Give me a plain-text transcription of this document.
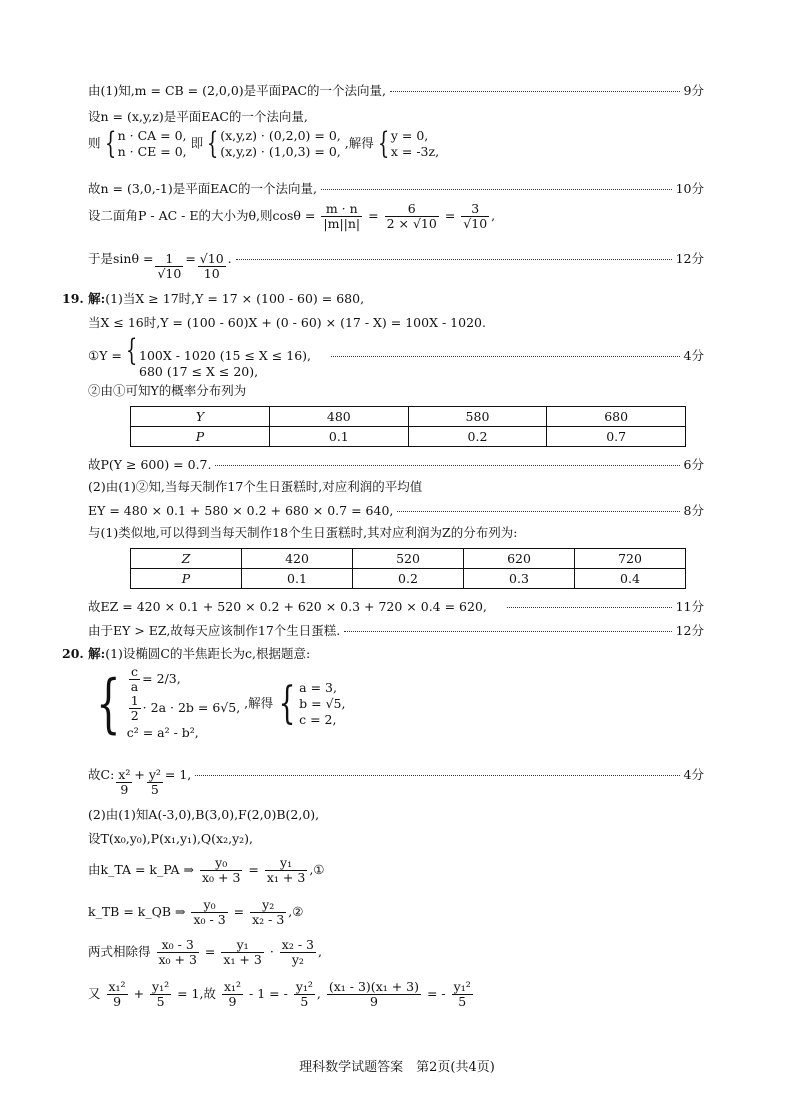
由(1)知,m = CB = (2,0,0)是平面PAC的一个法向量,	9分
设n = (x,y,z)是平面EAC的一个法向量,
则 { n · CA = 0,
n · CE = 0, 即 { (x,y,z) · (0,2,0) = 0,
(x,y,z) · (1,0,3) = 0, ,解得 { y = 0,
x = -3z,
故n = (3,0,-1)是平面EAC的一个法向量,	10分
设二面角P - AC - E的大小为θ,则$\cos\theta = \frac{m \cdot n}{|m||n|} = \frac{6}{2 \times √10} = \frac{3}{√10}$ ,
于是$\sin\theta = \frac{1}{√10} = \frac{√10}{10}$ .	12分
19. 解:(1)当X ≥ 17时,Y = 17 × (100 - 60) = 680,
当X ≤ 16时,Y = (100 - 60)X + (0 - 60) × (17 - X) = 100X - 1020.
①Y = { 100X - 1020 (15 ≤ X ≤ 16),
680 (17 ≤ X ≤ 20),
4分
②由①可知Y的概率分布列为
Y	480	580	680
P	0.1	0.2	0.7
故P(Y ≥ 600) = 0.7.	6分
(2)由(1)②知,当每天制作17个生日蛋糕时,对应利润的平均值
EY = 480 × 0.1 + 580 × 0.2 + 680 × 0.7 = 640,	8分
与(1)类似地,可以得到当每天制作18个生日蛋糕时,其对应利润为Z的分布列为:
Z	420	520	620	720
P	0.1	0.2	0.3	0.4
故EZ = 420 × 0.1 + 520 × 0.2 + 620 × 0.3 + 720 × 0.4 = 620,	11分
由于EY > EZ,故每天应该制作17个生日蛋糕.	12分
20. 解:(1)设椭圆C的半焦距长为c,根据题意:
{ $\frac{c}{a} = 2/3$,

$\frac{1}{2} \cdot 2a \cdot 2b = 6√5$,
c² = a² - b², ,解得 { a = 3,
b = √5,
c = 2,
故C: $\frac{\text{x²}}{9} + \frac{\text{y²}}{5} = 1$,	4分
(2)由(1)知A(-3,0),B(3,0),F(2,0)B(2,0),
设T(x₀,y₀),P(x₁,y₁),Q(x₂,y₂),
由k_TA = k_PA ⇒ $\frac{\text{y₀}}{\text{x₀ + 3}} = \frac{\text{y₁}}{\text{x₁ + 3}}$ ,①
k_TB = k_QB ⇒ $\frac{\text{y₀}}{\text{x₀ - 3}} = \frac{\text{y₂}}{\text{x₂ - 3}}$ ,②
两式相除得 $\frac{\text{x₀ - 3}}{\text{x₀ + 3}} = \frac{\text{y₁}}{\text{x₁ + 3}} \cdot \frac{\text{x₂ - 3}}{\text{y₂}}$ ,
又 $\frac{\text{x₁²}}{9} + \frac{\text{y₁²}}{5} = 1$,故 $\frac{\text{x₁²}}{9} - 1$ = - $\frac{\text{y₁²}}{5}$ , $\frac{\text{(x₁ - 3)(x₁ + 3)}}{9}$ = - $\frac{\text{y₁²}}{5}$
理科数学试题答案　第2页(共4页)
